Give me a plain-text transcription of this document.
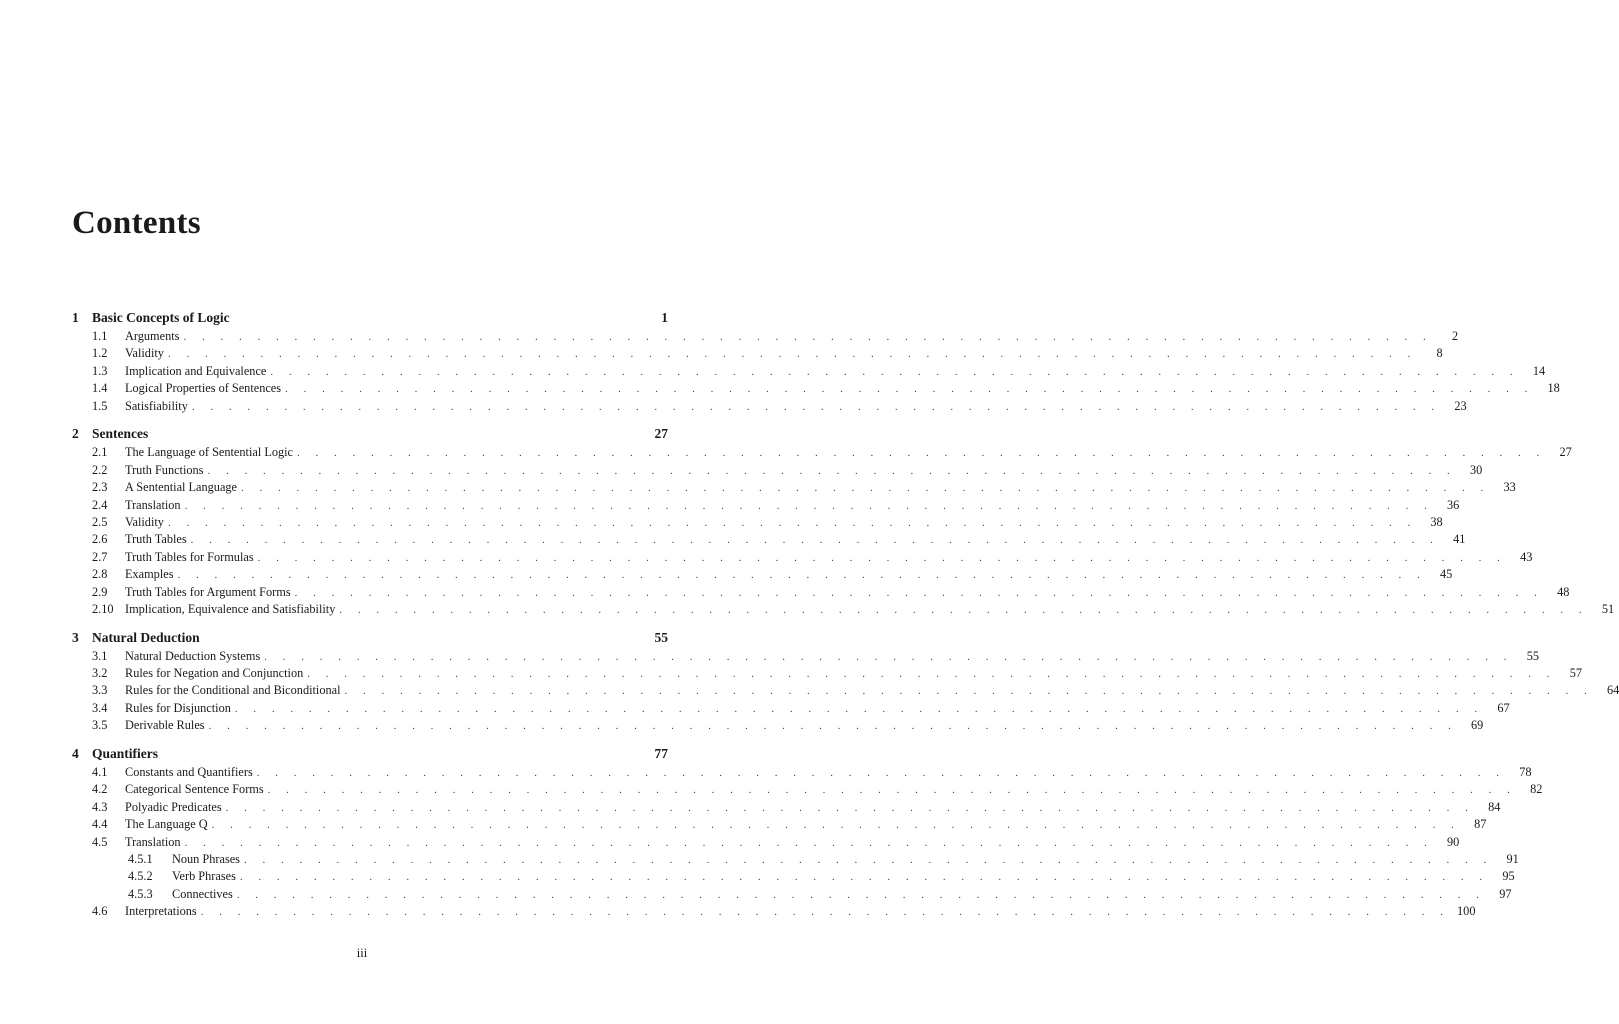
Contents
1 Basic Concepts of Logic	1
1.1	Arguments . . . . . . . . . . . . . . . . . . . . . . . . . . . . . . . . . . . . . . . . . . . . . . . . . . . . . . . . . . . . . . . . . . . .	2
1.2	Validity . . . . . . . . . . . . . . . . . . . . . . . . . . . . . . . . . . . . . . . . . . . . . . . . . . . . . . . . . . . . . . . . . . . .	8
1.3	Implication and Equivalence . . . . . . . . . . . . . . . . . . . . . . . . . . . . . . . . . . . . . . . . . . . . . . . . . . . . . . . . . . . . . . . . . . . .	14
1.4	Logical Properties of Sentences . . . . . . . . . . . . . . . . . . . . . . . . . . . . . . . . . . . . . . . . . . . . . . . . . . . . . . . . . . . . . . . . . . . .	18
1.5	Satisfiability . . . . . . . . . . . . . . . . . . . . . . . . . . . . . . . . . . . . . . . . . . . . . . . . . . . . . . . . . . . . . . . . . . . .	23
2 Sentences	27
2.1	The Language of Sentential Logic . . . . . . . . . . . . . . . . . . . . . . . . . . . . . . . . . . . . . . . . . . . . . . . . . . . . . . . . . . . . . . . . . . . .	27
2.2	Truth Functions . . . . . . . . . . . . . . . . . . . . . . . . . . . . . . . . . . . . . . . . . . . . . . . . . . . . . . . . . . . . . . . . . . . .	30
2.3	A Sentential Language . . . . . . . . . . . . . . . . . . . . . . . . . . . . . . . . . . . . . . . . . . . . . . . . . . . . . . . . . . . . . . . . . . . .	33
2.4	Translation . . . . . . . . . . . . . . . . . . . . . . . . . . . . . . . . . . . . . . . . . . . . . . . . . . . . . . . . . . . . . . . . . . . .	36
2.5	Validity . . . . . . . . . . . . . . . . . . . . . . . . . . . . . . . . . . . . . . . . . . . . . . . . . . . . . . . . . . . . . . . . . . . .	38
2.6	Truth Tables . . . . . . . . . . . . . . . . . . . . . . . . . . . . . . . . . . . . . . . . . . . . . . . . . . . . . . . . . . . . . . . . . . . .	41
2.7	Truth Tables for Formulas . . . . . . . . . . . . . . . . . . . . . . . . . . . . . . . . . . . . . . . . . . . . . . . . . . . . . . . . . . . . . . . . . . . .	43
2.8	Examples . . . . . . . . . . . . . . . . . . . . . . . . . . . . . . . . . . . . . . . . . . . . . . . . . . . . . . . . . . . . . . . . . . . .	45
2.9	Truth Tables for Argument Forms . . . . . . . . . . . . . . . . . . . . . . . . . . . . . . . . . . . . . . . . . . . . . . . . . . . . . . . . . . . . . . . . . . . .	48
2.10 Implication, Equivalence and Satisfiability . . . . . . . . . . . . . . . . . . . . . . . . . . . . . . . . . . . . . . . . . . . . . . . . . . . . . . . . . . . . . . . . . . . .	51
3 Natural Deduction	55
3.1	Natural Deduction Systems . . . . . . . . . . . . . . . . . . . . . . . . . . . . . . . . . . . . . . . . . . . . . . . . . . . . . . . . . . . . . . . . . . . .	55
3.2	Rules for Negation and Conjunction . . . . . . . . . . . . . . . . . . . . . . . . . . . . . . . . . . . . . . . . . . . . . . . . . . . . . . . . . . . . . . . . . . . .	57
3.3	Rules for the Conditional and Biconditional . . . . . . . . . . . . . . . . . . . . . . . . . . . . . . . . . . . . . . . . . . . . . . . . . . . . . . . . . . . . . . . . . . . .	64
3.4	Rules for Disjunction . . . . . . . . . . . . . . . . . . . . . . . . . . . . . . . . . . . . . . . . . . . . . . . . . . . . . . . . . . . . . . . . . . . .	67
3.5	Derivable Rules . . . . . . . . . . . . . . . . . . . . . . . . . . . . . . . . . . . . . . . . . . . . . . . . . . . . . . . . . . . . . . . . . . . .	69
4 Quantifiers	77
4.1	Constants and Quantifiers . . . . . . . . . . . . . . . . . . . . . . . . . . . . . . . . . . . . . . . . . . . . . . . . . . . . . . . . . . . . . . . . . . . .	78
4.2	Categorical Sentence Forms . . . . . . . . . . . . . . . . . . . . . . . . . . . . . . . . . . . . . . . . . . . . . . . . . . . . . . . . . . . . . . . . . . . .	82
4.3	Polyadic Predicates . . . . . . . . . . . . . . . . . . . . . . . . . . . . . . . . . . . . . . . . . . . . . . . . . . . . . . . . . . . . . . . . . . . .	84
4.4	The Language Q . . . . . . . . . . . . . . . . . . . . . . . . . . . . . . . . . . . . . . . . . . . . . . . . . . . . . . . . . . . . . . . . . . . .	87
4.5	Translation . . . . . . . . . . . . . . . . . . . . . . . . . . . . . . . . . . . . . . . . . . . . . . . . . . . . . . . . . . . . . . . . . . . .	90
4.5.1	Noun Phrases . . . . . . . . . . . . . . . . . . . . . . . . . . . . . . . . . . . . . . . . . . . . . . . . . . . . . . . . . . . . . . . . . . . .	91
4.5.2	Verb Phrases . . . . . . . . . . . . . . . . . . . . . . . . . . . . . . . . . . . . . . . . . . . . . . . . . . . . . . . . . . . . . . . . . . . .	95
4.5.3	Connectives . . . . . . . . . . . . . . . . . . . . . . . . . . . . . . . . . . . . . . . . . . . . . . . . . . . . . . . . . . . . . . . . . . . .	97
4.6	Interpretations . . . . . . . . . . . . . . . . . . . . . . . . . . . . . . . . . . . . . . . . . . . . . . . . . . . . . . . . . . . . . . . . . . . . 100
iii
